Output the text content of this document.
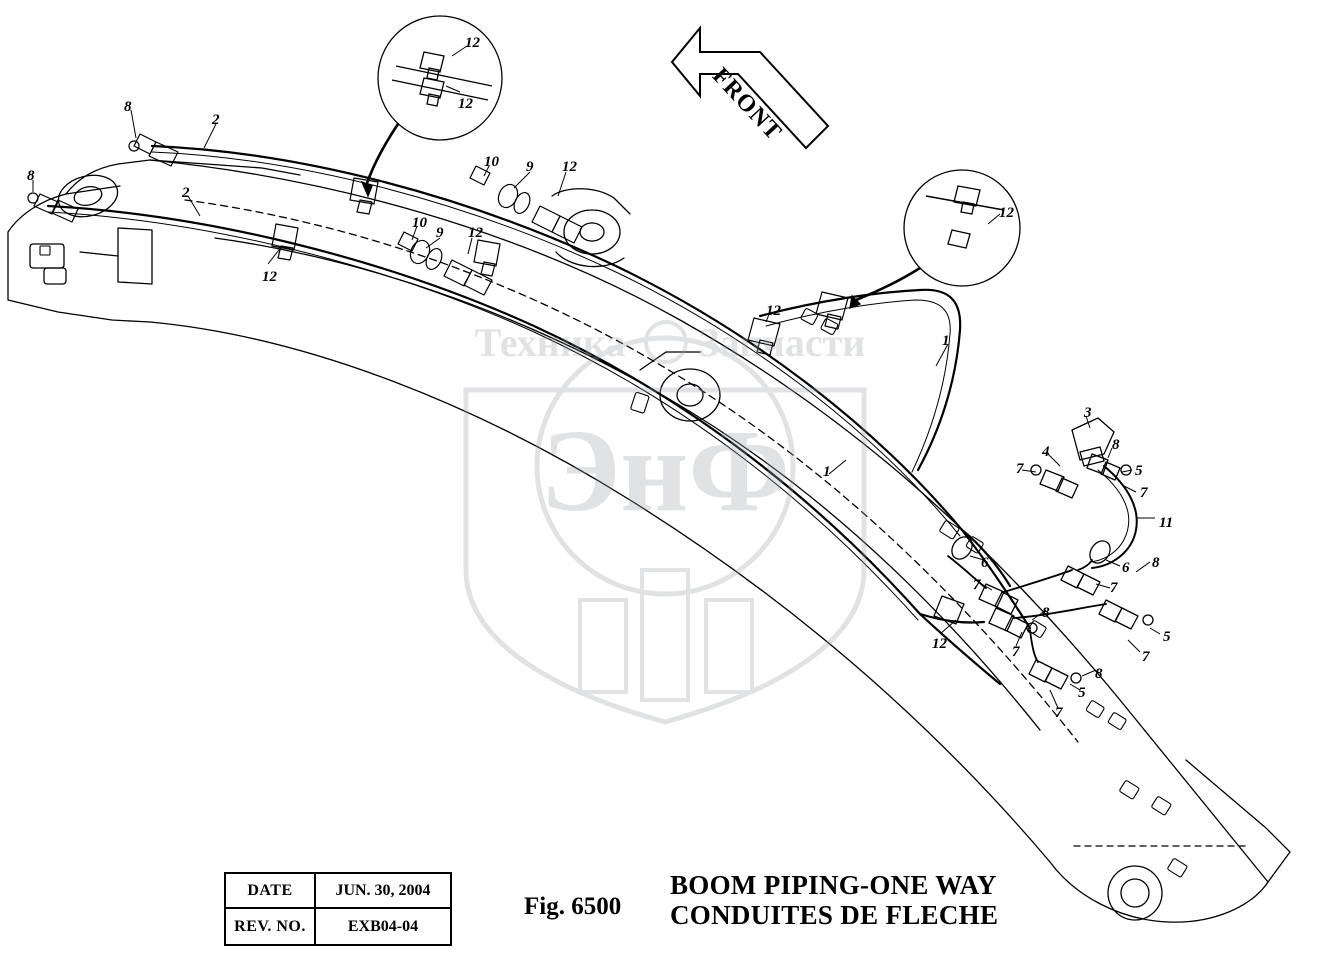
ЭнФ
Техника Запчасти
12
12
8
2
8
2
10 9 12
10
9 12
12
12
12
1
1
3
4	8
7	5
7
11
6	6 8
7	7
8
5
12	7	7
8
5
7
FRONT
DATE	JUN. 30, 2004
REV. NO.	EXB04-04
Fig. 6500
BOOM PIPING-ONE WAY
CONDUITES DE FLECHE
